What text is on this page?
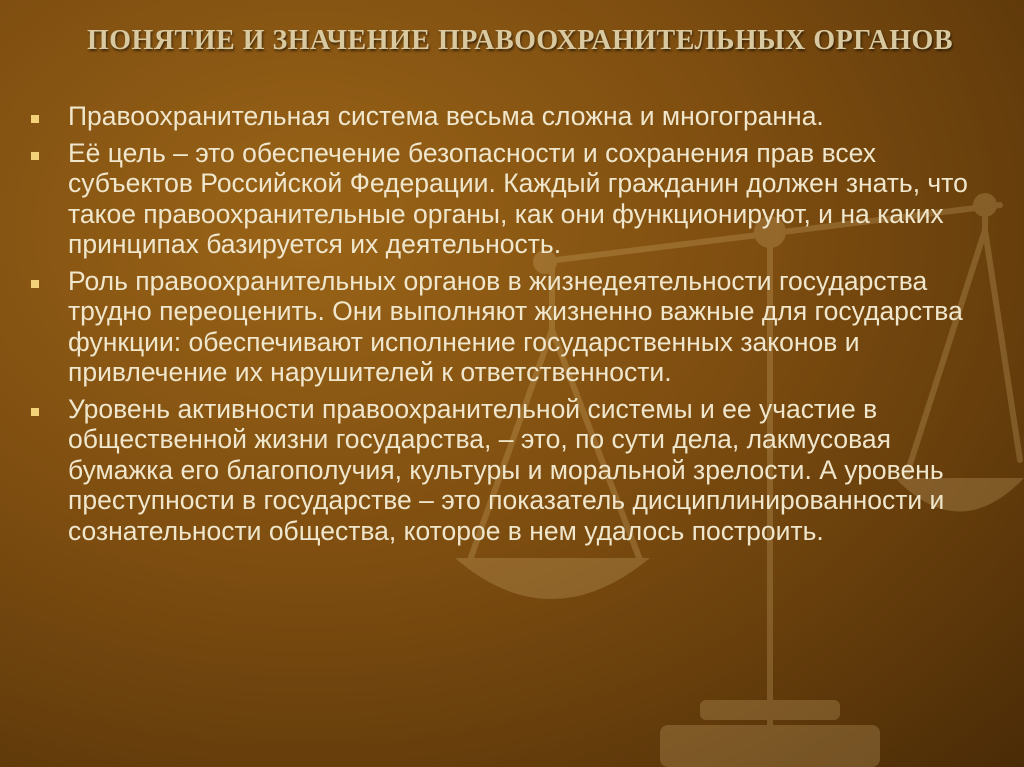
ПОНЯТИЕ И ЗНАЧЕНИЕ ПРАВООХРАНИТЕЛЬНЫХ ОРГАНОВ
Правоохранительная система весьма сложна и многогранна.
Её цель – это обеспечение безопасности и сохранения прав всех субъектов Российской Федерации. Каждый гражданин должен знать, что такое правоохранительные органы, как они функционируют, и на каких принципах базируется их деятельность.
Роль правоохранительных органов в жизнедеятельности государства трудно переоценить. Они выполняют жизненно важные для государства функции: обеспечивают исполнение государственных законов и привлечение их нарушителей к ответственности.
Уровень активности правоохранительной системы и ее участие в общественной жизни государства, – это, по сути дела, лакмусовая бумажка его благополучия, культуры и моральной зрелости. А уровень преступности в государстве – это показатель дисциплинированности и сознательности общества, которое в нем удалось построить.
